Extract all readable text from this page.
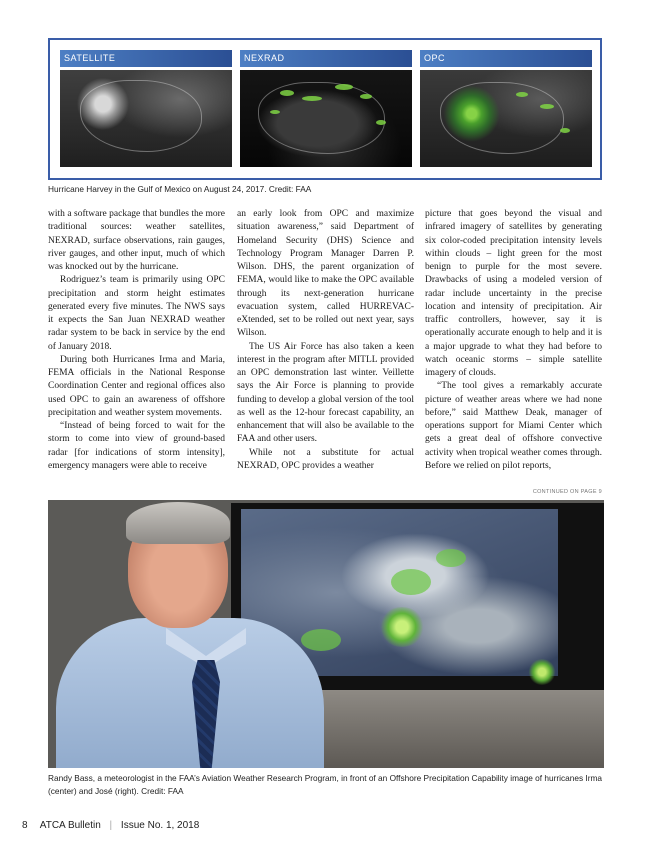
SATELLITE	NEXRAD	OPC
Hurricane Harvey in the Gulf of Mexico on August 24, 2017. Credit: FAA

with a software package that bundles the more traditional sources: weather satellites, NEXRAD, surface observations, rain gauges, river gauges, and other input, much of which was knocked out by the hurricane.

Rodriguez’s team is primarily using OPC precipitation and storm height estimates generated every five minutes. The NWS says it expects the San Juan NEXRAD weather radar system to be back in service by the end of January 2018.

During both Hurricanes Irma and Maria, FEMA officials in the National Response Coordination Center and regional offices also used OPC to gain an awareness of offshore precipitation and weather system movements.

“Instead of being forced to wait for the storm to come into view of ground-based radar [for indications of storm intensity], emergency managers were able to receive

an early look from OPC and maximize situation awareness,” said Department of Homeland Security (DHS) Science and Technology Program Manager Darren P. Wilson. DHS, the parent organization of FEMA, would like to make the OPC available through its next-generation hurricane evacuation system, called HURREVAC-eXtended, set to be rolled out next year, says Wilson.

The US Air Force has also taken a keen interest in the program after MITLL provided an OPC demonstration last winter. Veillette says the Air Force is planning to provide funding to develop a global version of the tool as well as the 12-hour forecast capability, an enhancement that will also be available to the FAA and other users.

While not a substitute for actual NEXRAD, OPC provides a weather

picture that goes beyond the visual and infrared imagery of satellites by generating six color-coded precipitation intensity levels within clouds – light green for the most benign to purple for the most severe. Drawbacks of using a modeled version of radar include uncertainty in the precise location and intensity of precipitation. Air traffic controllers, however, say it is operationally accurate enough to help and it is a major upgrade to what they had before to watch oceanic storms – simple satellite imagery of clouds.

“The tool gives a remarkably accurate picture of weather areas where we had none before,” said Matthew Deak, manager of operations support for Miami Center which gets a great deal of offshore convective activity when tropical weather comes through. Before we relied on pilot reports,

CONTINUED ON PAGE 9
Randy Bass, a meteorologist in the FAA’s Aviation Weather Research Program, in front of an Offshore Precipitation Capability image of hurricanes Irma (center) and José (right). Credit: FAA
8 ATCA Bulletin | Issue No. 1, 2018
